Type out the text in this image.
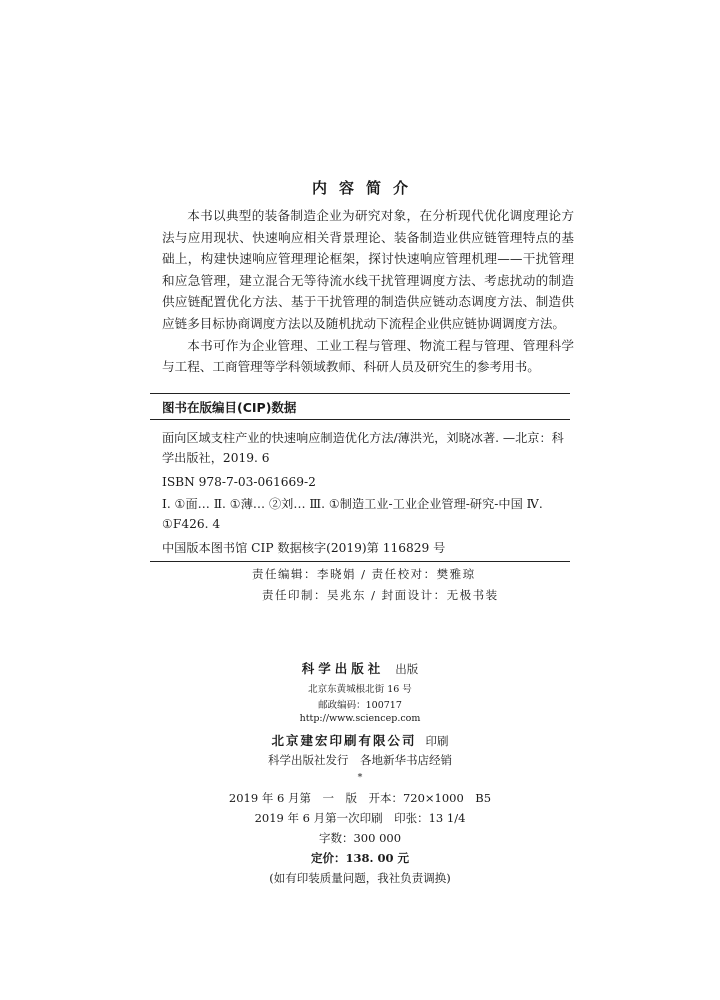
内容简介

本书以典型的装备制造企业为研究对象，在分析现代优化调度理论方法与应用现状、快速响应相关背景理论、装备制造业供应链管理特点的基础上，构建快速响应管理理论框架，探讨快速响应管理机理——干扰管理和应急管理，建立混合无等待流水线干扰管理调度方法、考虑扰动的制造供应链配置优化方法、基于干扰管理的制造供应链动态调度方法、制造供应链多目标协商调度方法以及随机扰动下流程企业供应链协调调度方法。

本书可作为企业管理、工业工程与管理、物流工程与管理、管理科学与工程、工商管理等学科领域教师、科研人员及研究生的参考用书。

图书在版编目(CIP)数据
面向区域支柱产业的快速响应制造优化方法/薄洪光，刘晓冰著. —北京：科学出版社，2019. 6
ISBN 978-7-03-061669-2
Ⅰ. ①面… Ⅱ. ①薄… ②刘… Ⅲ. ①制造工业-工业企业管理-研究-中国 Ⅳ. ①F426. 4
中国版本图书馆 CIP 数据核字(2019)第 116829 号
责任编辑：李晓娟 / 责任校对：樊雅琼
责任印制：吴兆东 / 封面设计：无极书装
科学出版社 出版
北京东黄城根北街 16 号
邮政编码：100717
http://www.sciencep.com
北京建宏印刷有限公司 印刷
科学出版社发行　各地新华书店经销
*
2019 年 6 月第　一　版　开本：720×1000　B5
2019 年 6 月第一次印刷　印张：13 1/4
字数：300 000
定价：138. 00 元
(如有印装质量问题，我社负责调换)
